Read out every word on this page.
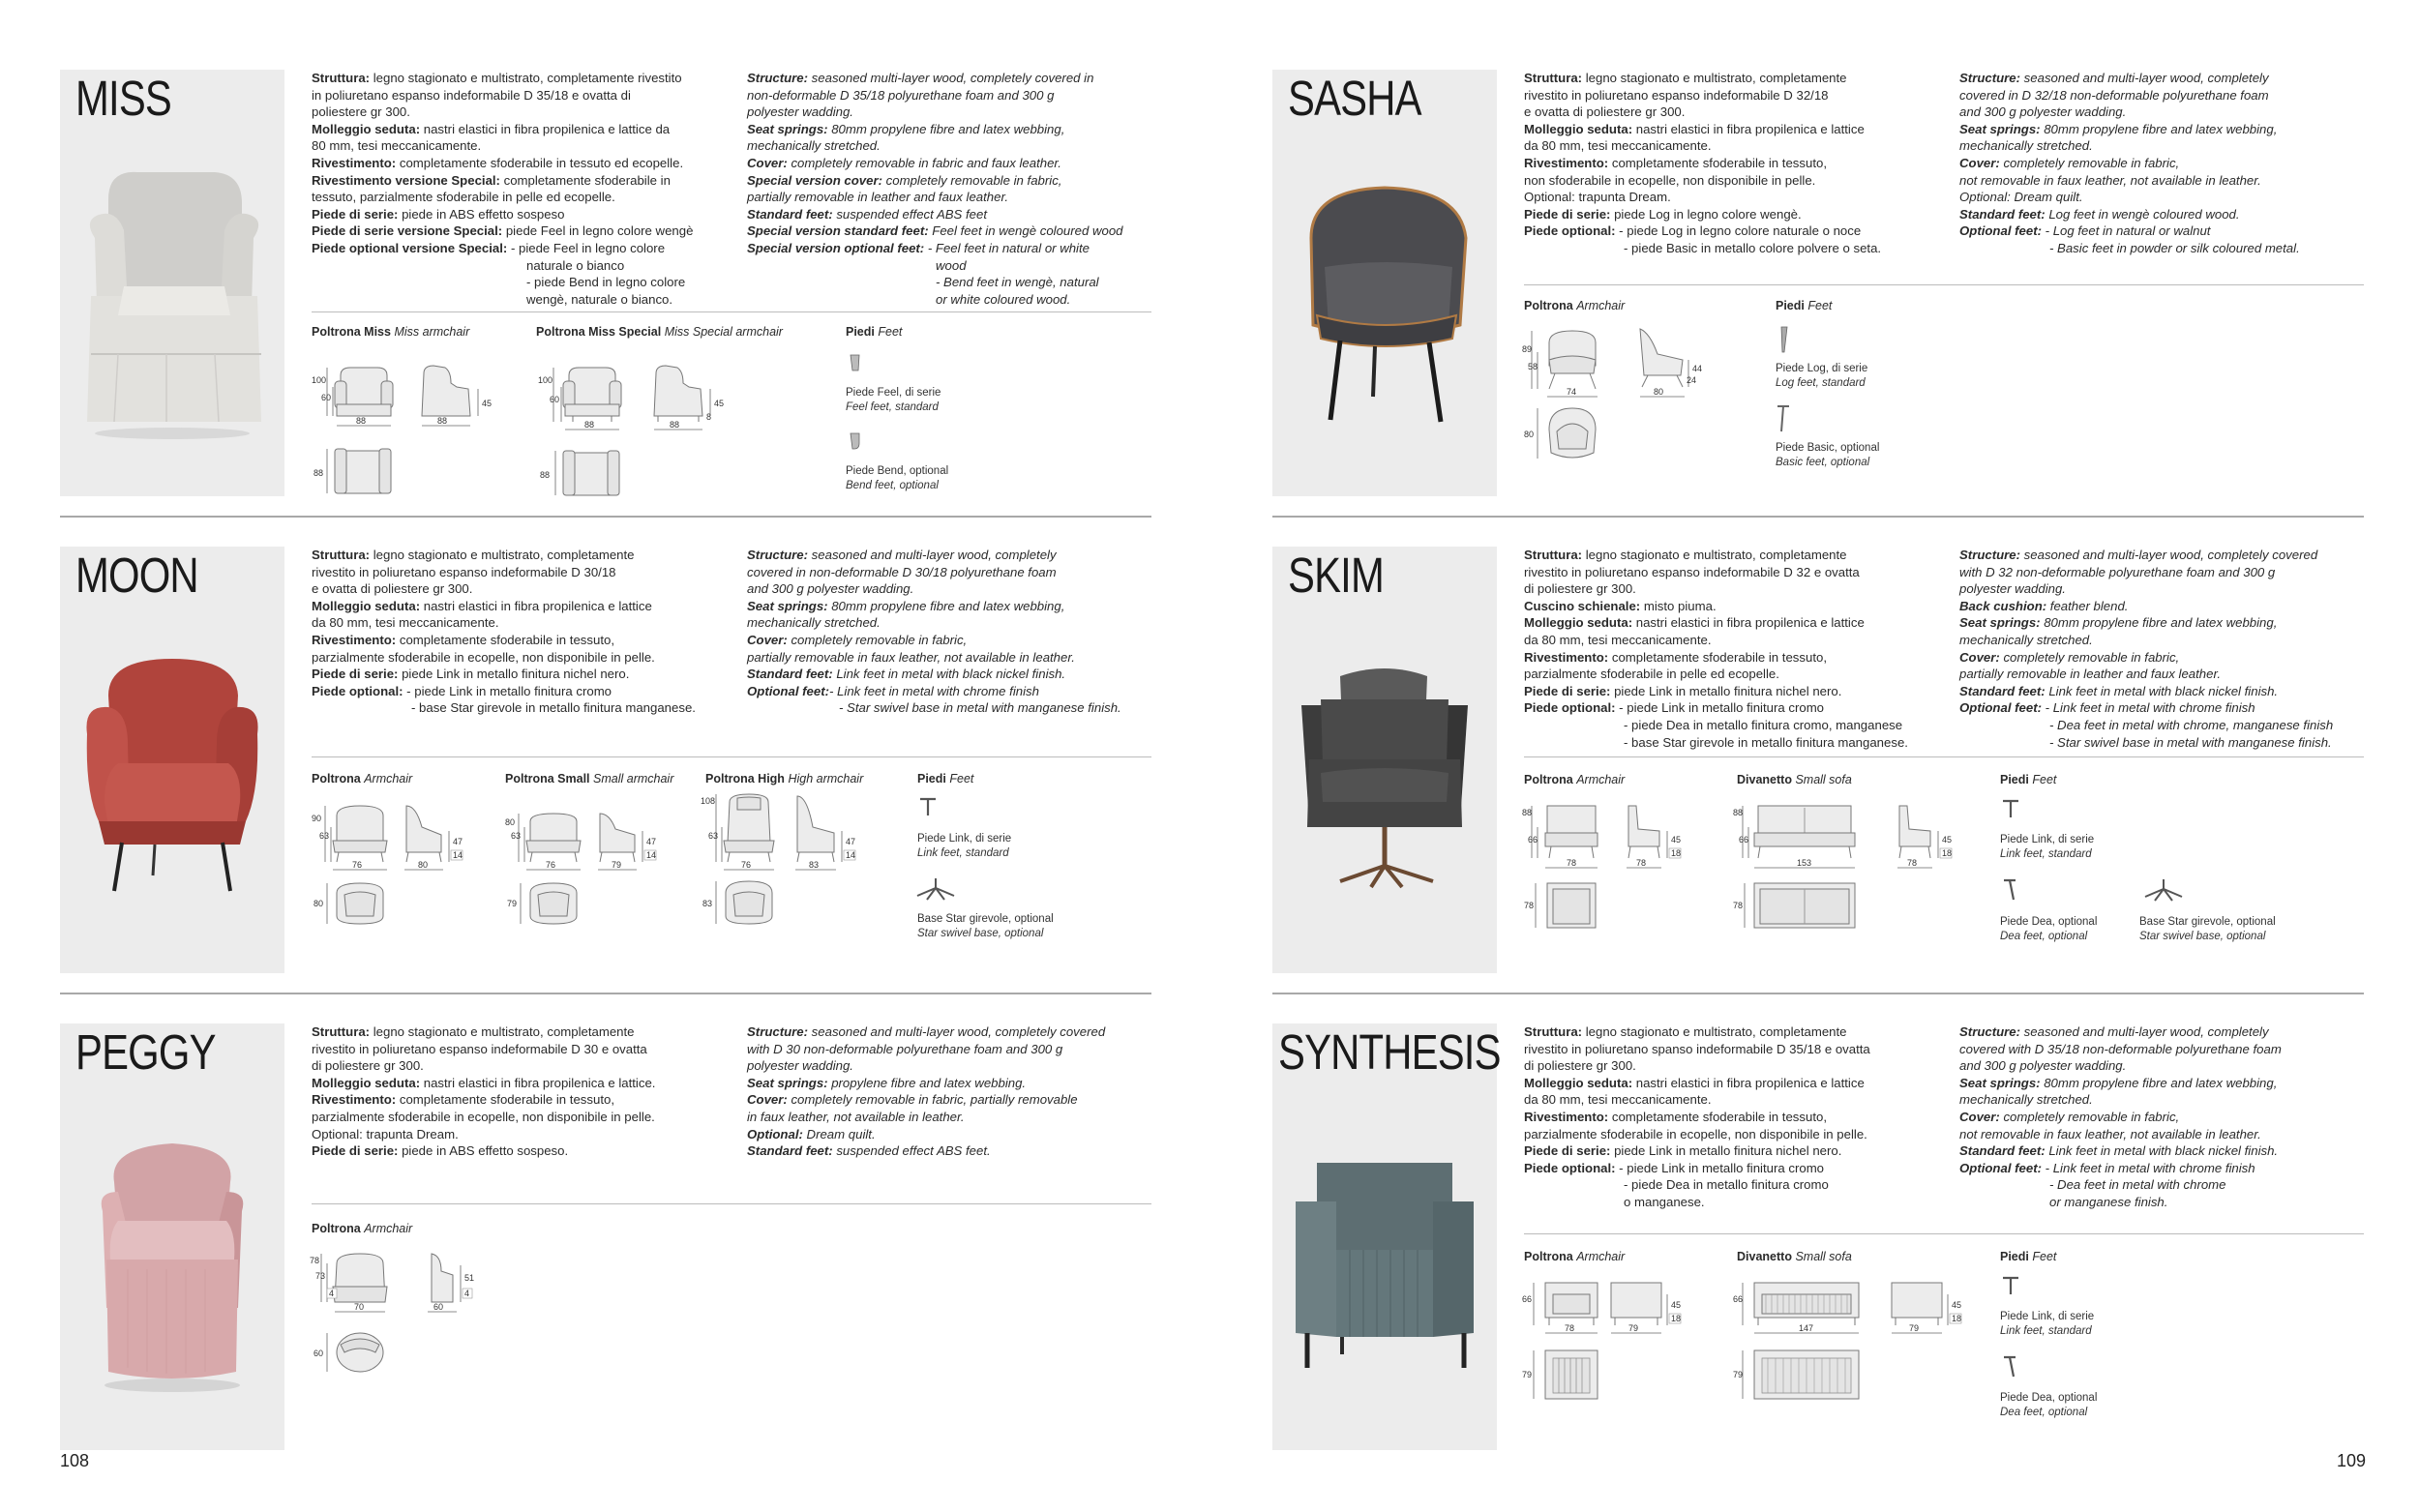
MISS	Struttura: legno stagionato e multistrato, completamente rivestito
in poliuretano espanso indeformabile D 35/18 e ovatta di
poliestere gr 300.
Molleggio seduta: nastri elastici in fibra propilenica e lattice da
80 mm, tesi meccanicamente.
Rivestimento: completamente sfoderabile in tessuto ed ecopelle.
Rivestimento versione Special: completamente sfoderabile in
tessuto, parzialmente sfoderabile in pelle ed ecopelle.
Piede di serie: piede in ABS effetto sospeso
Piede di serie versione Special: piede Feel in legno colore wengè
Piede optional versione Special: - piede Feel in legno colore
naturale o bianco
- piede Bend in legno colore
wengè, naturale o bianco.
Structure: seasoned multi-layer wood, completely covered in
non-deformable D 35/18 polyurethane foam and 300 g
polyester wadding.
Seat springs: 80mm propylene fibre and latex webbing,
mechanically stretched.
Cover: completely removable in fabric and faux leather.
Special version cover: completely removable in fabric,
partially removable in leather and faux leather.
Standard feet: suspended effect ABS feet
Special version standard feet: Feel feet in wengè coloured wood
Special version optional feet: - Feel feet in natural or white
wood
- Bend feet in wengè, natural
or white coloured wood.
Poltrona Miss Miss armchair	Poltrona Miss Special Miss Special armchair	Piedi Feet
100
60
88	88
45
88
100
60
88	88
45
8
88
Piede Feel, di serie
Feel feet, standard
Piede Bend, optional
Bend feet, optional
MOON	Struttura: legno stagionato e multistrato, completamente
rivestito in poliuretano espanso indeformabile D 30/18
e ovatta di poliestere gr 300.
Molleggio seduta: nastri elastici in fibra propilenica e lattice
da 80 mm, tesi meccanicamente.
Rivestimento: completamente sfoderabile in tessuto,
parzialmente sfoderabile in ecopelle, non disponibile in pelle.
Piede di serie: piede Link in metallo finitura nichel nero.
Piede optional: - piede Link in metallo finitura cromo
- base Star girevole in metallo finitura manganese.
Structure: seasoned and multi-layer wood, completely
covered in non-deformable D 30/18 polyurethane foam
and 300 g polyester wadding.
Seat springs: 80mm propylene fibre and latex webbing,
mechanically stretched.
Cover: completely removable in fabric,
partially removable in faux leather, not available in leather.
Standard feet: Link feet in metal with black nickel finish.
Optional feet:- Link feet in metal with chrome finish
- Star swivel base in metal with manganese finish.
Poltrona Armchair	Poltrona Small Small armchair	Poltrona High High armchair	Piedi Feet
90
63
76	80
47
14
80
80
63
76	79
47
14
79
108
63
76	83
47
14
83
Piede Link, di serie
Link feet, standard
Base Star girevole, optional
Star swivel base, optional
PEGGY	Struttura: legno stagionato e multistrato, completamente
rivestito in poliuretano espanso indeformabile D 30 e ovatta
di poliestere gr 300.
Molleggio seduta: nastri elastici in fibra propilenica e lattice.
Rivestimento: completamente sfoderabile in tessuto,
parzialmente sfoderabile in ecopelle, non disponibile in pelle.
Optional: trapunta Dream.
Piede di serie: piede in ABS effetto sospeso.
Structure: seasoned and multi-layer wood, completely covered
with D 30 non-deformable polyurethane foam and 300 g
polyester wadding.
Seat springs: propylene fibre and latex webbing.
Cover: completely removable in fabric, partially removable
in faux leather, not available in leather.
Optional: Dream quilt.
Standard feet: suspended effect ABS feet.
Poltrona Armchair
78
73
4
70	60
51
4
60
108
SASHA	Struttura: legno stagionato e multistrato, completamente
rivestito in poliuretano espanso indeformabile D 32/18
e ovatta di poliestere gr 300.
Molleggio seduta: nastri elastici in fibra propilenica e lattice
da 80 mm, tesi meccanicamente.
Rivestimento: completamente sfoderabile in tessuto,
non sfoderabile in ecopelle, non disponibile in pelle.
Optional: trapunta Dream.
Piede di serie: piede Log in legno colore wengè.
Piede optional: - piede Log in legno colore naturale o noce
- piede Basic in metallo colore polvere o seta.
Structure: seasoned and multi-layer wood, completely
covered in D 32/18 non-deformable polyurethane foam
and 300 g polyester wadding.
Seat springs: 80mm propylene fibre and latex webbing,
mechanically stretched.
Cover: completely removable in fabric,
not removable in faux leather, not available in leather.
Optional: Dream quilt.
Standard feet: Log feet in wengè coloured wood.
Optional feet: - Log feet in natural or walnut
- Basic feet in powder or silk coloured metal.
Poltrona Armchair	Piedi Feet
89
58
74	80
44
24
80
Piede Log, di serie
Log feet, standard
Piede Basic, optional
Basic feet, optional
SKIM	Struttura: legno stagionato e multistrato, completamente
rivestito in poliuretano espanso indeformabile D 32 e ovatta
di poliestere gr 300.
Cuscino schienale: misto piuma.
Molleggio seduta: nastri elastici in fibra propilenica e lattice
da 80 mm, tesi meccanicamente.
Rivestimento: completamente sfoderabile in tessuto,
parzialmente sfoderabile in pelle ed ecopelle.
Piede di serie: piede Link in metallo finitura nichel nero.
Piede optional: - piede Link in metallo finitura cromo
- piede Dea in metallo finitura cromo, manganese
- base Star girevole in metallo finitura manganese.
Structure: seasoned and multi-layer wood, completely covered
with D 32 non-deformable polyurethane foam and 300 g
polyester wadding.
Back cushion: feather blend.
Seat springs: 80mm propylene fibre and latex webbing,
mechanically stretched.
Cover: completely removable in fabric,
partially removable in leather and faux leather.
Standard feet: Link feet in metal with black nickel finish.
Optional feet: - Link feet in metal with chrome finish
- Dea feet in metal with chrome, manganese finish
- Star swivel base in metal with manganese finish.
Poltrona Armchair	Divanetto Small sofa	Piedi Feet
88
66
78	78
45
18
78
88
66
153	78
45
18
78
Piede Link, di serie
Link feet, standard
Piede Dea, optional
Dea feet, optional
Base Star girevole, optional
Star swivel base, optional
SYNTHESIS Struttura: legno stagionato e multistrato, completamente
rivestito in poliuretano spanso indeformabile D 35/18 e ovatta
di poliestere gr 300.
Molleggio seduta: nastri elastici in fibra propilenica e lattice
da 80 mm, tesi meccanicamente.
Rivestimento: completamente sfoderabile in tessuto,
parzialmente sfoderabile in ecopelle, non disponibile in pelle.
Piede di serie: piede Link in metallo finitura nichel nero.
Piede optional: - piede Link in metallo finitura cromo
- piede Dea in metallo finitura cromo
o manganese.
Structure: seasoned and multi-layer wood, completely
covered with D 35/18 non-deformable polyurethane foam
and 300 g polyester wadding.
Seat springs: 80mm propylene fibre and latex webbing,
mechanically stretched.
Cover: completely removable in fabric,
not removable in faux leather, not available in leather.
Standard feet: Link feet in metal with black nickel finish.
Optional feet: - Link feet in metal with chrome finish
- Dea feet in metal with chrome
or manganese finish.
Poltrona Armchair	Divanetto Small sofa	Piedi Feet
66
78	79
45
18
79
66
147	79
45
18
79
Piede Link, di serie
Link feet, standard
Piede Dea, optional
Dea feet, optional
109
